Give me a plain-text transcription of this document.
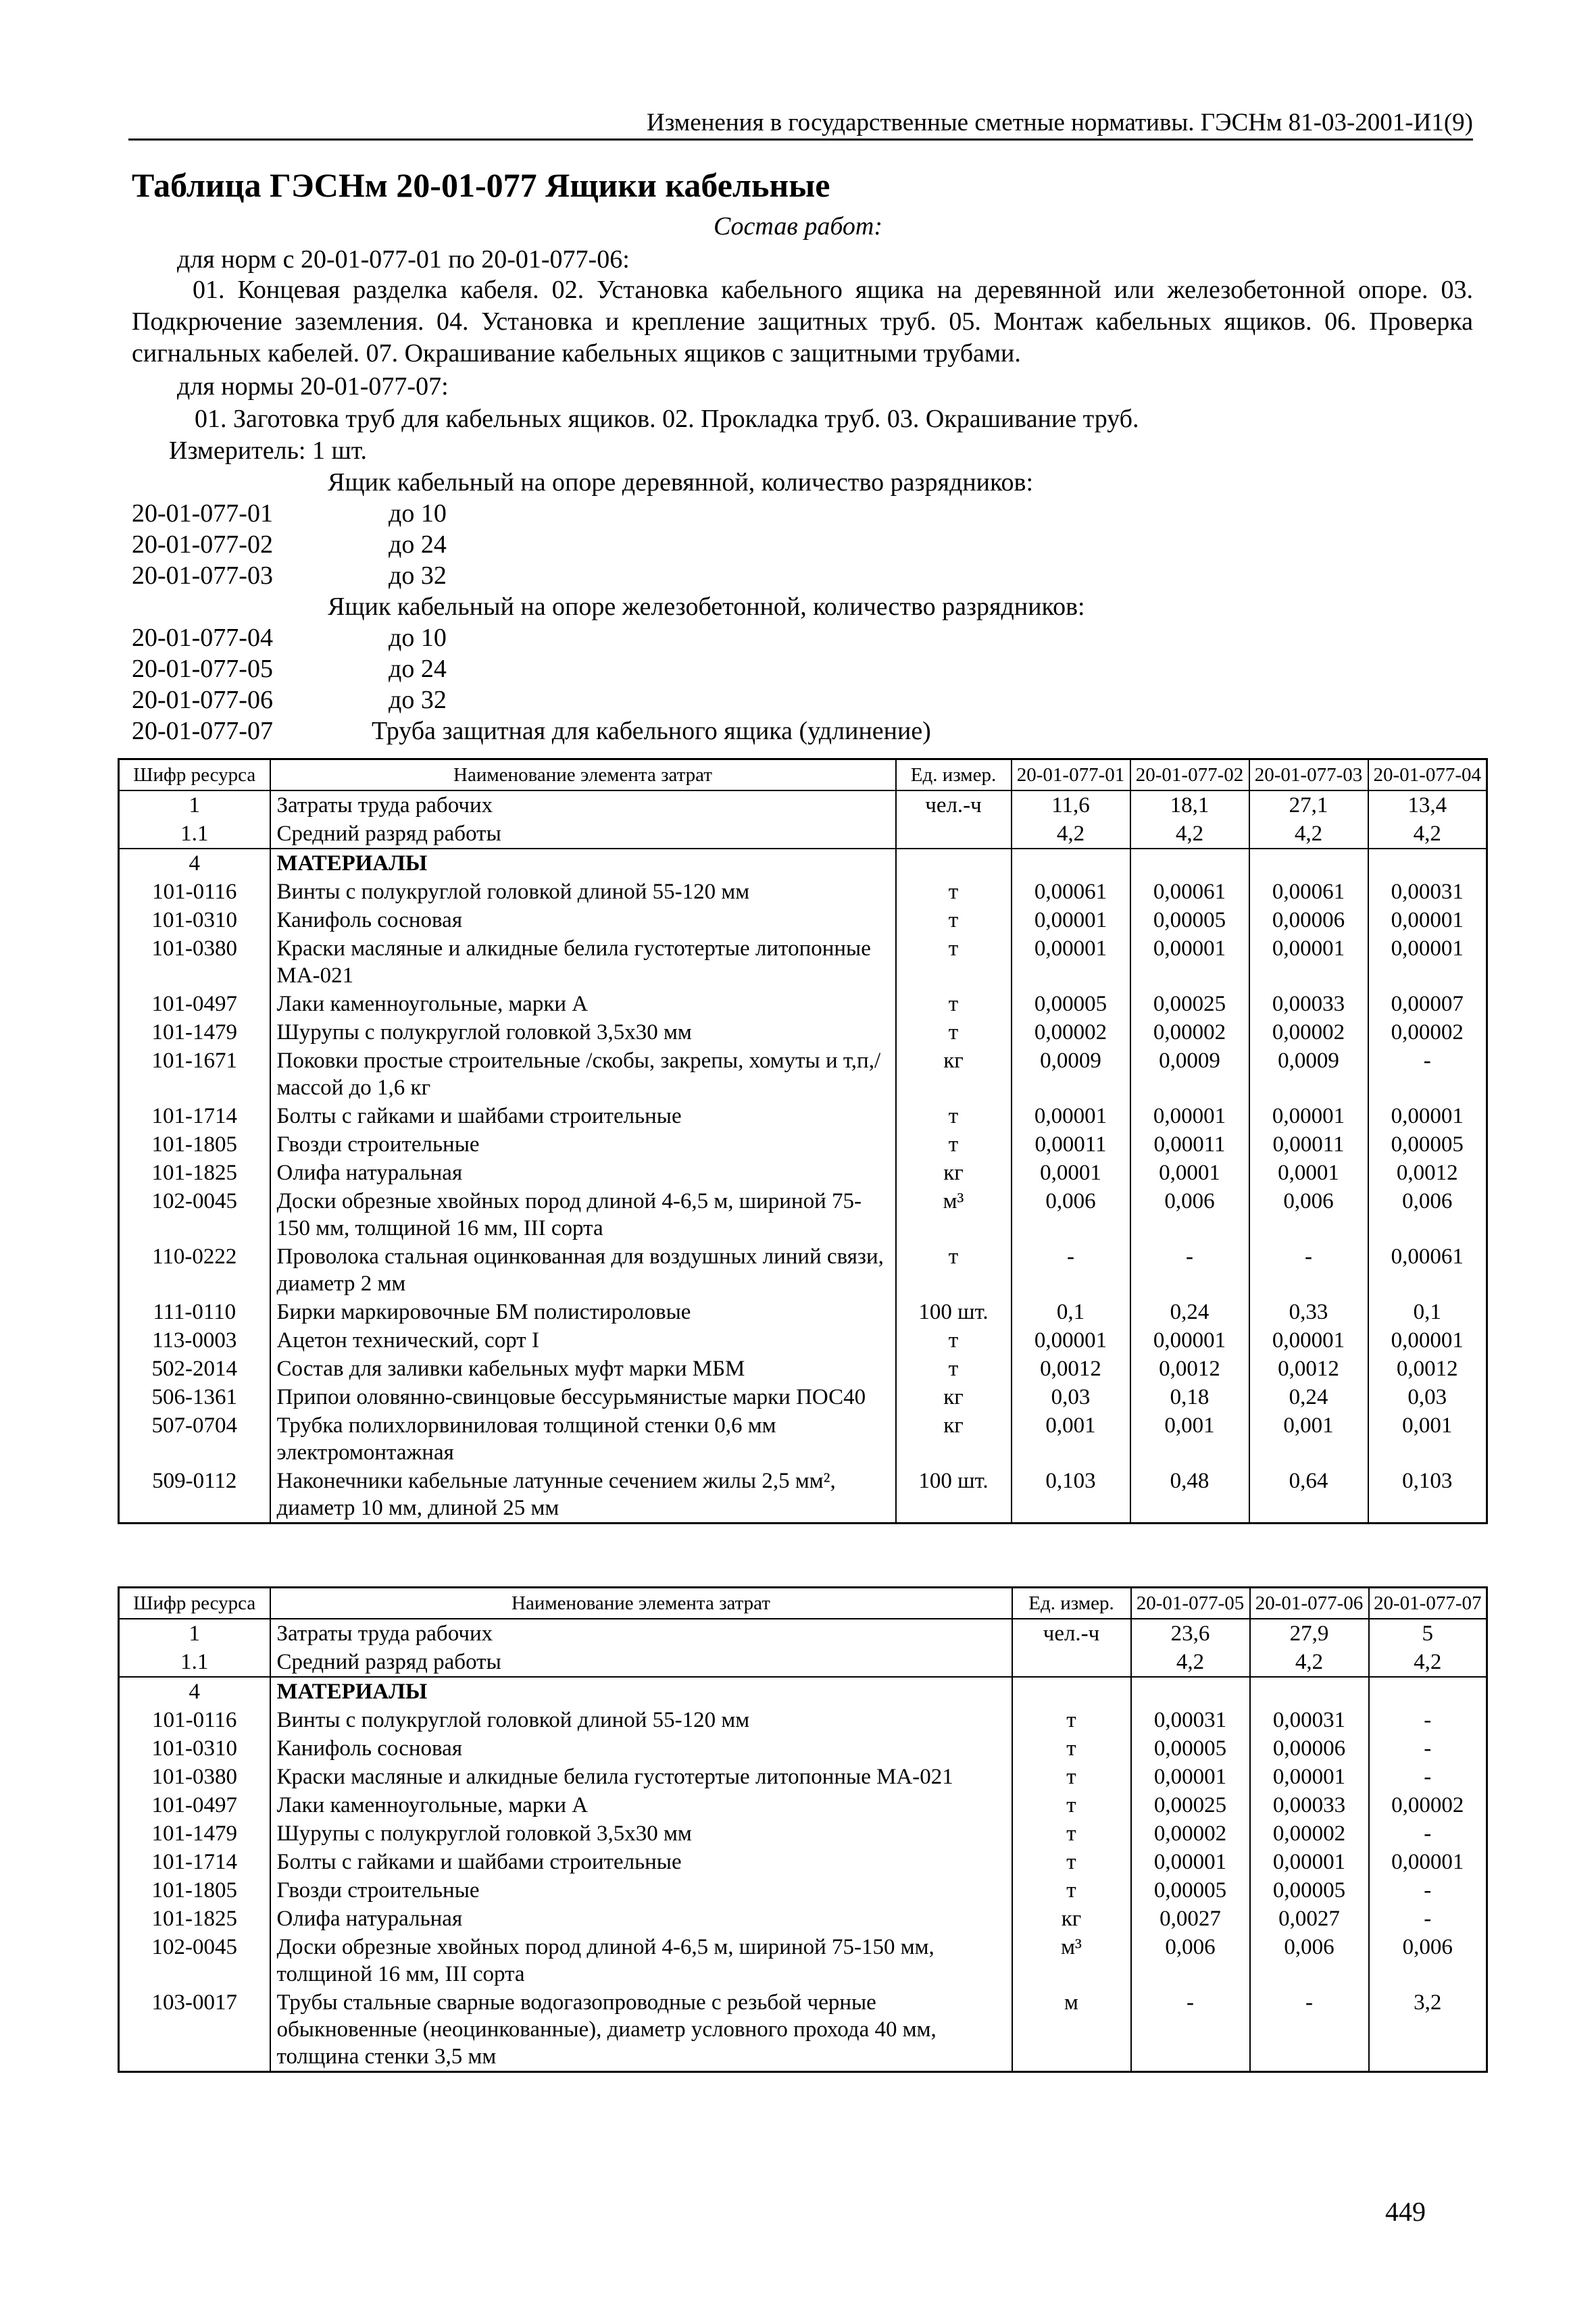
Изменения в государственные сметные нормативы. ГЭСНм 81-03-2001-И1(9)
Таблица ГЭСНм 20-01-077 Ящики кабельные
Состав работ:
для норм с 20-01-077-01 по 20-01-077-06:
01. Концевая разделка кабеля. 02. Установка кабельного ящика на деревянной или железобетонной опоре. 03. Подкрючение заземления. 04. Установка и крепление защитных труб. 05. Монтаж кабельных ящиков. 06. Проверка сигнальных кабелей. 07. Окрашивание кабельных ящиков с защитными трубами.
для нормы 20-01-077-07:
01. Заготовка труб для кабельных ящиков. 02. Прокладка труб. 03. Окрашивание труб.
Измеритель: 1 шт.
Ящик кабельный на опоре деревянной, количество разрядников:
20-01-077-01	до 10
20-01-077-02	до 24
20-01-077-03	до 32
Ящик кабельный на опоре железобетонной, количество разрядников:
20-01-077-04	до 10
20-01-077-05	до 24
20-01-077-06	до 32
20-01-077-07	Труба защитная для кабельного ящика (удлинение)
Шифр ресурса	Наименование элемента затрат	Ед. измер.	20-01-077-01	20-01-077-02	20-01-077-03	20-01-077-04
1	Затраты труда рабочих	чел.-ч	11,6	18,1	27,1	13,4
1.1	Средний разряд работы		4,2	4,2	4,2	4,2
4	МАТЕРИАЛЫ					
101-0116	Винты с полукруглой головкой длиной 55-120 мм	т	0,00061	0,00061	0,00061	0,00031
101-0310	Канифоль сосновая	т	0,00001	0,00005	0,00006	0,00001
101-0380	Краски масляные и алкидные белила густотертые литопонные МА-021	т	0,00001	0,00001	0,00001	0,00001
101-0497	Лаки каменноугольные, марки А	т	0,00005	0,00025	0,00033	0,00007
101-1479	Шурупы с полукруглой головкой 3,5х30 мм	т	0,00002	0,00002	0,00002	0,00002
101-1671	Поковки простые строительные /скобы, закрепы, хомуты и т,п,/ массой до 1,6 кг	кг	0,0009	0,0009	0,0009	-
101-1714	Болты с гайками и шайбами строительные	т	0,00001	0,00001	0,00001	0,00001
101-1805	Гвозди строительные	т	0,00011	0,00011	0,00011	0,00005
101-1825	Олифа натуральная	кг	0,0001	0,0001	0,0001	0,0012
102-0045	Доски обрезные хвойных пород длиной 4-6,5 м, шириной 75-150 мм, толщиной 16 мм, III сорта	м³	0,006	0,006	0,006	0,006
110-0222	Проволока стальная оцинкованная для воздушных линий связи, диаметр 2 мм	т	-	-	-	0,00061
111-0110	Бирки маркировочные БМ полистироловые	100 шт.	0,1	0,24	0,33	0,1
113-0003	Ацетон технический, сорт I	т	0,00001	0,00001	0,00001	0,00001
502-2014	Состав для заливки кабельных муфт марки МБМ	т	0,0012	0,0012	0,0012	0,0012
506-1361	Припои оловянно-свинцовые бессурьмянистые марки ПОС40	кг	0,03	0,18	0,24	0,03
507-0704	Трубка полихлорвиниловая толщиной стенки 0,6 мм электромонтажная	кг	0,001	0,001	0,001	0,001
509-0112	Наконечники кабельные латунные сечением жилы 2,5 мм², диаметр 10 мм, длиной 25 мм	100 шт.	0,103	0,48	0,64	0,103
Шифр ресурса	Наименование элемента затрат	Ед. измер.	20-01-077-05	20-01-077-06	20-01-077-07
1	Затраты труда рабочих	чел.-ч	23,6	27,9	5
1.1	Средний разряд работы		4,2	4,2	4,2
4	МАТЕРИАЛЫ				
101-0116	Винты с полукруглой головкой длиной 55-120 мм	т	0,00031	0,00031	-
101-0310	Канифоль сосновая	т	0,00005	0,00006	-
101-0380	Краски масляные и алкидные белила густотертые литопонные МА-021	т	0,00001	0,00001	-
101-0497	Лаки каменноугольные, марки А	т	0,00025	0,00033	0,00002
101-1479	Шурупы с полукруглой головкой 3,5х30 мм	т	0,00002	0,00002	-
101-1714	Болты с гайками и шайбами строительные	т	0,00001	0,00001	0,00001
101-1805	Гвозди строительные	т	0,00005	0,00005	-
101-1825	Олифа натуральная	кг	0,0027	0,0027	-
102-0045	Доски обрезные хвойных пород длиной 4-6,5 м, шириной 75-150 мм, толщиной 16 мм, III сорта	м³	0,006	0,006	0,006
103-0017	Трубы стальные сварные водогазопроводные с резьбой черные обыкновенные (неоцинкованные), диаметр условного прохода 40 мм, толщина стенки 3,5 мм	м	-	-	3,2
449
